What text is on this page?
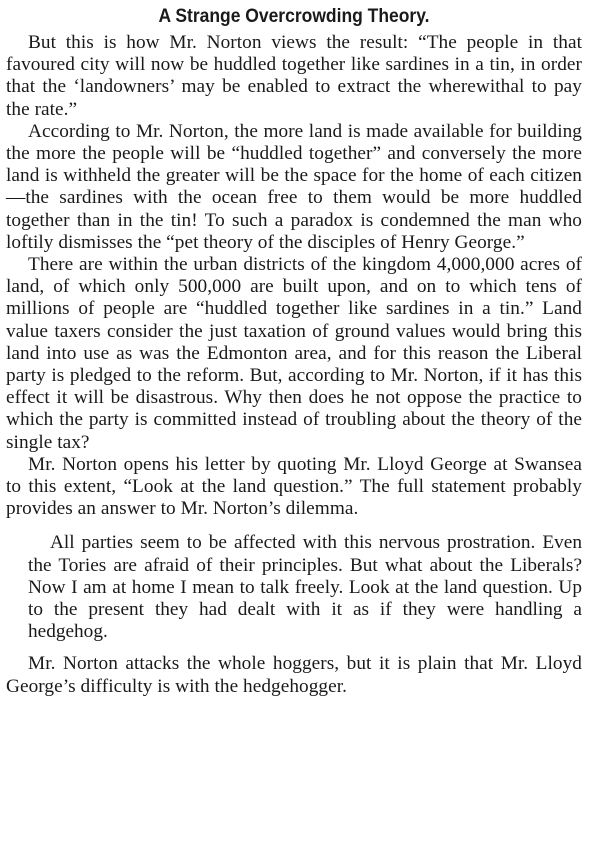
A Strange Overcrowding Theory.

But this is how Mr. Norton views the result: “The people in that favoured city will now be huddled together like sardines in a tin, in order that the ‘landowners’ may be enabled to extract the wherewithal to pay the rate.”

According to Mr. Norton, the more land is made available for building the more the people will be “huddled together” and conversely the more land is withheld the greater will be the space for the home of each citizen—the sardines with the ocean free to them would be more huddled together than in the tin! To such a paradox is condemned the man who loftily dismisses the “pet theory of the disciples of Henry George.”

There are within the urban districts of the kingdom 4,000,000 acres of land, of which only 500,000 are built upon, and on to which tens of millions of people are “huddled together like sardines in a tin.” Land value taxers consider the just taxation of ground values would bring this land into use as was the Edmonton area, and for this reason the Liberal party is pledged to the reform. But, according to Mr. Norton, if it has this effect it will be disastrous. Why then does he not oppose the practice to which the party is committed instead of troubling about the theory of the single tax?

Mr. Norton opens his letter by quoting Mr. Lloyd George at Swansea to this extent, “Look at the land question.” The full statement probably provides an answer to Mr. Norton’s dilemma.

All parties seem to be affected with this nervous prostration. Even the Tories are afraid of their principles. But what about the Liberals? Now I am at home I mean to talk freely. Look at the land question. Up to the present they had dealt with it as if they were handling a hedgehog.

Mr. Norton attacks the whole hoggers, but it is plain that Mr. Lloyd George’s difficulty is with the hedgehogger.
